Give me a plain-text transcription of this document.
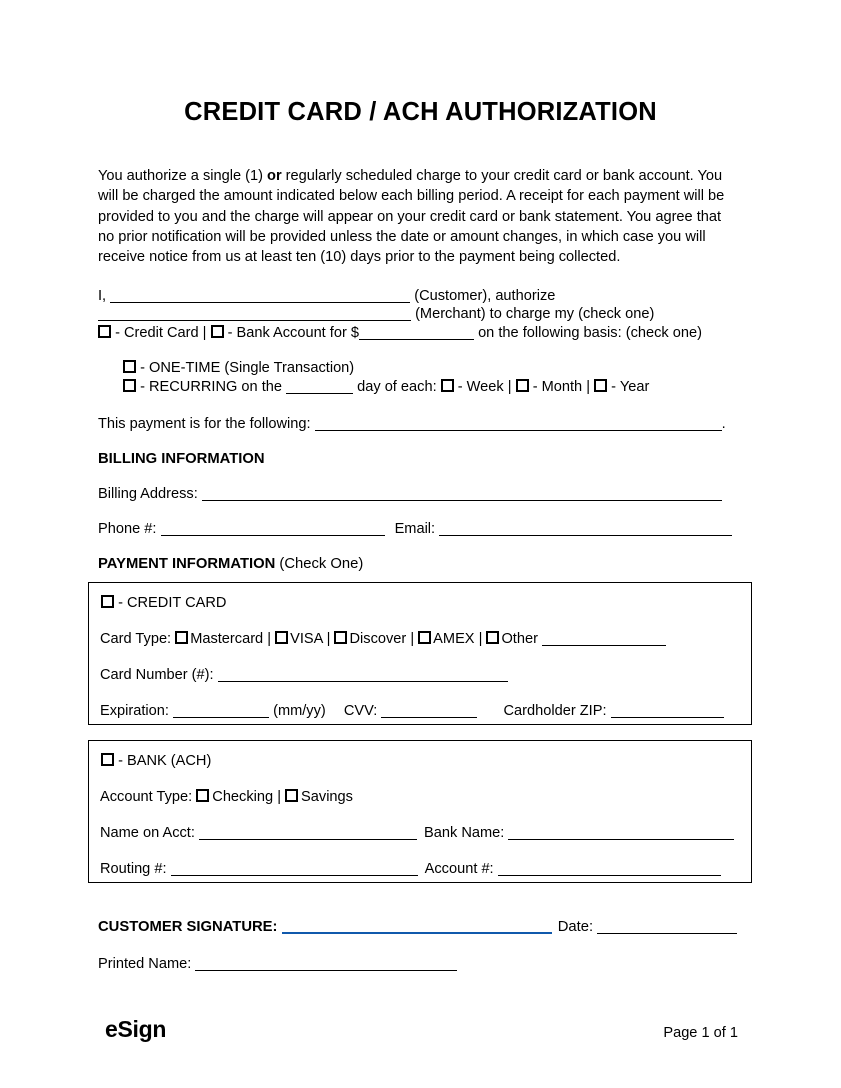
CREDIT CARD / ACH AUTHORIZATION
You authorize a single (1) or regularly scheduled charge to your credit card or bank account. You will be charged the amount indicated below each billing period. A receipt for each payment will be provided to you and the charge will appear on your credit card or bank statement. You agree that no prior notification will be provided unless the date or amount changes, in which case you will receive notice from us at least ten (10) days prior to the payment being collected.
I,	(Customer), authorize
(Merchant) to charge my (check one)
- Credit Card | - Bank Account for $	on the following basis: (check one)
- ONE-TIME (Single Transaction)
- RECURRING on the	day of each: - Week | - Month | - Year
This payment is for the following:	.
BILLING INFORMATION
Billing Address:
Phone #:	Email:
PAYMENT INFORMATION (Check One)
- CREDIT CARD
Card Type: Mastercard | VISA | Discover | AMEX | Other
Card Number (#):
Expiration:	(mm/yy) CVV:	Cardholder ZIP:
- BANK (ACH)
Account Type: Checking | Savings
Name on Acct:	Bank Name:
Routing #:	Account #:
CUSTOMER SIGNATURE:	Date:
Printed Name:
eSign	Page 1 of 1
